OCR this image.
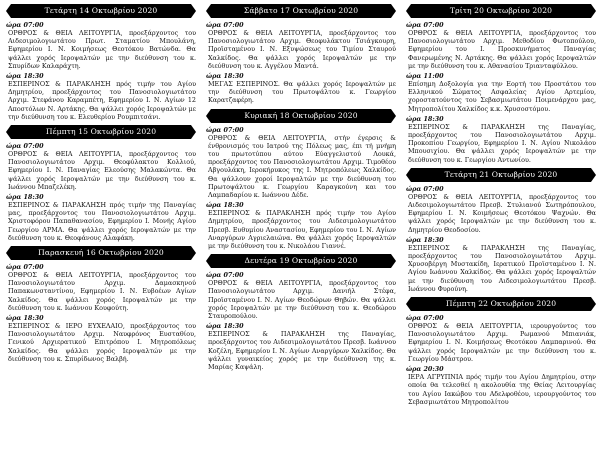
Τετάρτη 14 Οκτωβρίου 2020
ώρα 07:00
ΟΡΘΡΟΣ & ΘΕΙΑ ΛΕΙΤΟΥΡΓΙΑ, προεξάρχοντος του Αιδεσιμολογιωτάτου Πρωτ. Σταματίου Μπουλάνη, Εφημερίου Ι. Ν. Κοιμήσεως Θεοτόκου Βατώνδα. Θα ψάλλει χορός Ιεροψαλτών με την διεύθυνση του κ. Σπυρίδων Καλαράχτη.
ώρα 18:30
ΕΣΠΕΡΙΝΟΣ & ΠΑΡΑΚΛΗΣΗ πρός τιμήν του Αγίου Δημητρίου, προεξάρχοντος του Πανοσιολογιωτάτου Αρχιμ. Στεφάνου Καραμπέτη, Εφημερίου Ι. Ν. Αγίων 12 Αποστόλων Ν. Αρτάκης. Θα ψάλλει χορός Ιεροψαλτών με την διεύθυνση του κ. Ελευθερίου Ρουμπιτσάνι.
Πέμπτη 15 Οκτωβρίου 2020
ώρα 07:00
ΟΡΘΡΟΣ & ΘΕΙΑ ΛΕΙΤΟΥΡΓΙΑ, προεξάρχοντος του Πανοσιολογιωτάτου Αρχιμ. Θεοφύλακτου Κολλιού, Εφημερίου Ι. Ν. Παναγίας Ελεούσης Μαλακώντα. Θα ψάλλει χορός Ιεροψαλτών με την διεύθυνση του κ. Ιωάννου Μπαζελέκη.
ώρα 18:30
ΕΣΠΕΡΙΝΟΣ & ΠΑΡΑΚΛΗΣΗ πρός τιμήν της Παναγίας μας, προεξάρχοντος του Πανοσιολογιωτάτου Αρχιμ. Χριστοφόρου Παπαθανασίου, Εφημερίου Ι. Μονής Αγίου Γεωργίου ΑΡΜΑ. Θα ψάλλει χορός Ιεροψαλτών με την διεύθυνση του κ. Θεοφάνους Αλαφάκη.
Παρασκευή 16 Οκτωβρίου 2020
ώρα 07:00
ΟΡΘΡΟΣ & ΘΕΙΑ ΛΕΙΤΟΥΡΓΙΑ, προεξάρχοντος του Πανοσιολογιωτάτου Αρχιμ. Δαμασκηνού Παπακωνσταντίνου, Εφημερίου Ι. Ν. Ευβοέων Αγίων Χαλκίδος. Θα ψάλλει χορός Ιεροψαλτών με την διεύθυνση του κ. Ιωάννου Κουφούτη.
ώρα 18:30
ΕΣΠΕΡΙΝΟΣ & ΙΕΡΟ ΕΥΧΕΛΑΙΟ, προεξάρχοντος του Πανοσιολογιωτάτου Αρχιμ. Ναυφρόνος Ευσταθίου, Γενικού Αρχιερατικού Επιτρόπου Ι. Μητροπόλεως Χαλκίδος. Θα ψάλλει χορός Ιεροψαλτών με την διεύθυνση του κ. Σπυρίδωνος Βαλβή.
Σάββατο 17 Οκτωβρίου 2020
ώρα 07:00
ΟΡΘΡΟΣ & ΘΕΙΑ ΛΕΙΤΟΥΡΓΙΑ, προεξάρχοντος του Πανοσιολογιωτάτου Αρχιμ. Θεοφυλάκτου Τσιάγκουρη, Προϊσταμένου Ι. Ν. Εξυψώσεως του Τιμίου Σταυρού Χαλκίδος. Θα ψάλλει χορός Ιεροψαλτών με την διεύθυνση του κ. Αγγέλου Μαντά.
ώρα 18:30
ΜΕΓΑΣ ΕΣΠΕΡΙΝΟΣ. Θα ψάλλει χορός Ιεροψαλτών με την διεύθυνση του Πρωτοψάλτου κ. Γεωργίου Καρατζαφέρη.
Κυριακή 18 Οκτωβρίου 2020
ώρα 07:00
ΟΡΘΡΟΣ & ΘΕΙΑ ΛΕΙΤΟΥΡΓΙΑ, στήν έγερσις & ένθρονισμός του Ιατρού της Πόλεως μας, έπι τή μνήμη του πρωτοτύπου αύτου Εύαγγελιστού Λουκά, προεξάρχοντος του Πανοσιολογιωτάτου Αρχιμ. Τιμοθέου Αβγουλάκη, Ιεροκήρυκος της Ι. Μητροπόλεως Χαλκίδος. Θα ψάλλουν χοροί Ιεροψαλτών με την διεύθυνση του Πρωτοψάλτου κ. Γεωργίου Καραγκούνη και του Λαμπαδαρίου κ. Ιωάννου Δέδε.
ώρα 18:30
ΕΣΠΕΡΙΝΟΣ & ΠΑΡΑΚΛΗΣΗ πρός τιμήν του Αγίου Δημητρίου, προεξάρχοντος του Αιδεσιμολογιωτάτου Πρεσβ. Ευθυμίου Αναστασίου, Εφημερίου του Ι. Ν. Αγίων Αναργύρων Αγριελαιώνα. Θα ψάλλει χορός Ιεροψαλτών με την διεύθυνση του κ. Νικολάου Γιαννέ.
Δευτέρα 19 Οκτωβρίου 2020
ώρα 07:00
ΟΡΘΡΟΣ & ΘΕΙΑ ΛΕΙΤΟΥΡΓΙΑ, προεξάρχοντος του Πανοσιολογιωτάτου Αρχιμ. Δανιήλ Στέφα, Προϊσταμένου Ι. Ν. Αγίων Θεοδώρων Θηβών. Θα ψάλλει χορός Ιεροψαλτών με την διεύθυνση του κ. Θεοδώρου Σταυροπούλου.
ώρα 18:30
ΕΣΠΕΡΙΝΟΣ & ΠΑΡΑΚΛΗΣΗ της Παναγίας, προεξάρχοντος του Αιδεσιμολογιωτάτου Πρεσβ. Ιωάννου Κοζέλη, Εφημερίου Ι. Ν. Αγίων Αναργύρων Χαλκίδος. Θα ψάλλει γυναικείος χορός με την διεύθυνση της κ. Μαρίας Καψάλη.
Τρίτη 20 Οκτωβρίου 2020
ώρα 07:00
ΟΡΘΡΟΣ & ΘΕΙΑ ΛΕΙΤΟΥΡΓΙΑ, προεξάρχοντος του Πανοσιολογιωτάτου Αρχιμ. Μεθοδίου Φωτοπούλου, Εφημερίου του Ι. Προσκυνήματος Παναγίας Φανερωμένης Ν. Αρτάκης. Θα ψάλλει χορός Ιεροψαλτών με την διεύθυνση του κ. Αθανασίου Τριανταφύλλου.
ώρα 11:00
Επίσημη Δοξολογία για την Εορτή του Προστάτου του Ελληνικού Σώματος Ασφαλείας Αγίου Αρτεμίου, χοροστατούντος του Σεβασμιωτάτου Ποιμενάρχου μας, Μητροπολίτου Χαλκίδος κ.κ. Χρυσοστόμου.
ώρα 18:30
ΕΣΠΕΡΙΝΟΣ & ΠΑΡΑΚΛΗΣΗ της Παναγίας, προεξάρχοντος του Πανοσιολογιωτάτου Αρχιμ. Προκοπίου Γεωργίου, Εφημερίου Ι. Ν. Αγίου Νικολάου Μπουσιχίου. Θα ψάλλει χορός Ιεροψαλτών με την διεύθυνση του κ. Γεωργίου Αντωνίου.
Τετάρτη 21 Οκτωβρίου 2020
ώρα 07:00
ΟΡΘΡΟΣ & ΘΕΙΑ ΛΕΙΤΟΥΡΓΙΑ, προεξάρχοντος του Αιδεσιμολογιωτάτου Πρεσβ. Στυλιανού Σωτηρόπουλου, Εφημερίου Ι. Ν. Κοιμήσεως Θεοτόκου Ψαχνών. Θα ψάλλει χορός Ιεροψαλτών με την διεύθυνση του κ. Δημητρίου Θεοδοσίου.
ώρα 18:30
ΕΣΠΕΡΙΝΟΣ & ΠΑΡΑΚΛΗΣΗ της Παναγίας, προεξάρχοντος του Πανοσιολογιωτάτου Αρχιμ. Χρυσοβέργη Μυστακίδη, Ιερατικού Προϊσταμένου Ι. Ν. Αγίου Ιωάννου Χαλκίδος. Θα ψάλλει χορός Ιεροψαλτών με την διεύθυνση του Αιδεσιμολογιωτάτου Πρεσβ. Ιωάννου Φυρούνη.
Πέμπτη 22 Οκτωβρίου 2020
ώρα 07:00
ΟΡΘΡΟΣ & ΘΕΙΑ ΛΕΙΤΟΥΡΓΙΑ, ιερουργούντος του Πανοσιολογιωτάτου Αρχιμ. Ρωμανού Μπιανιάκ, Εφημερίου Ι. Ν. Κοιμήσεως Θεοτόκου Λαμπαρινού. Θα ψάλλει χορός Ιεροψαλτών με την διεύθυνση του κ. Γεωργίου Μάστρου.
ώρα 20:30
ΙΕΡΑ ΑΓΡΥΠΝΙΑ πρός τιμήν του Αγίου Δημητρίου, στην οποία θα τελεσθεί η ακολουθία της Θείας Λειτουργίας του Αγίου Ιακώβου του Αδελφοθέου, ιερουργούντος του Σεβασμιωτάτου Μητροπολίτου
